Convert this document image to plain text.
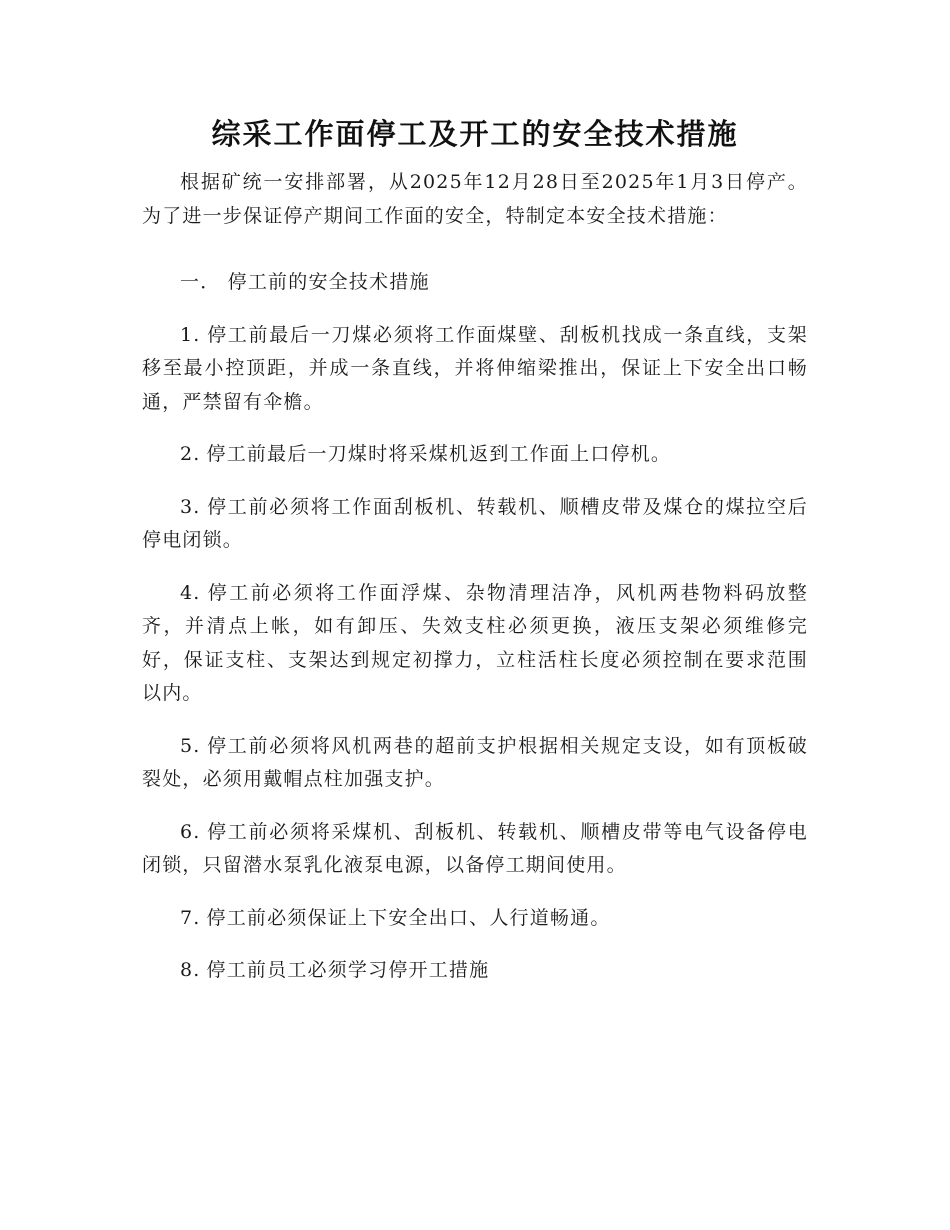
综采工作面停工及开工的安全技术措施

根据矿统一安排部署，从2025年12月28日至2025年1月3日停产。为了进一步保证停产期间工作面的安全，特制定本安全技术措施：

一． 停工前的安全技术措施

1. 停工前最后一刀煤必须将工作面煤壁、刮板机找成一条直线，支架移至最小控顶距，并成一条直线，并将伸缩梁推出，保证上下安全出口畅通，严禁留有伞檐。

2. 停工前最后一刀煤时将采煤机返到工作面上口停机。

3. 停工前必须将工作面刮板机、转载机、顺槽皮带及煤仓的煤拉空后停电闭锁。

4. 停工前必须将工作面浮煤、杂物清理洁净，风机两巷物料码放整齐，并清点上帐，如有卸压、失效支柱必须更换，液压支架必须维修完好，保证支柱、支架达到规定初撑力，立柱活柱长度必须控制在要求范围以内。

5. 停工前必须将风机两巷的超前支护根据相关规定支设，如有顶板破裂处，必须用戴帽点柱加强支护。

6. 停工前必须将采煤机、刮板机、转载机、顺槽皮带等电气设备停电闭锁，只留潜水泵乳化液泵电源，以备停工期间使用。

7. 停工前必须保证上下安全出口、人行道畅通。

8. 停工前员工必须学习停开工措施
